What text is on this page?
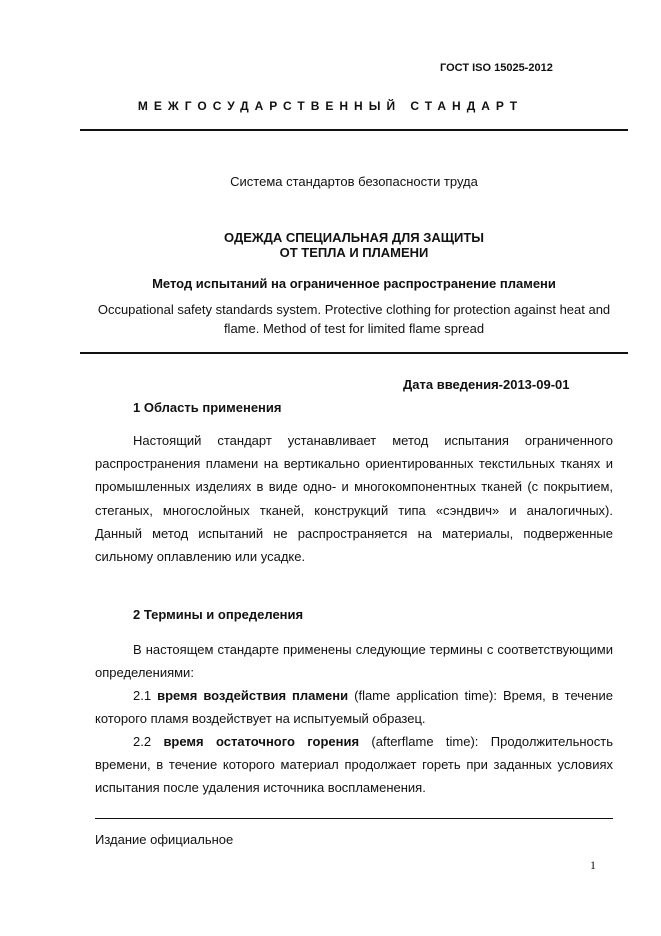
ГОСТ ISO 15025-2012
МЕЖГОСУДАРСТВЕННЫЙ СТАНДАРТ
Система стандартов безопасности труда
ОДЕЖДА СПЕЦИАЛЬНАЯ ДЛЯ ЗАЩИТЫ
ОТ ТЕПЛА И ПЛАМЕНИ
Метод испытаний на ограниченное распространение пламени
Occupational safety standards system. Protective clothing for protection against heat and flame. Method of test for limited flame spread
Дата введения-2013-09-01
1 Область применения
Настоящий стандарт устанавливает метод испытания ограниченного распространения пламени на вертикально ориентированных текстильных тканях и промышленных изделиях в виде одно- и многокомпонентных тканей (с покрытием, стеганых, многослойных тканей, конструкций типа «сэндвич» и аналогичных). Данный метод испытаний не распространяется на материалы, подверженные сильному оплавлению или усадке.
2 Термины и определения
В настоящем стандарте применены следующие термины с соответствующими определениями:
2.1 время воздействия пламени (flame application time): Время, в течение которого пламя воздействует на испытуемый образец.
2.2 время остаточного горения (afterflame time): Продолжительность времени, в течение которого материал продолжает гореть при заданных условиях испытания после удаления источника воспламенения.
Издание официальное
1
